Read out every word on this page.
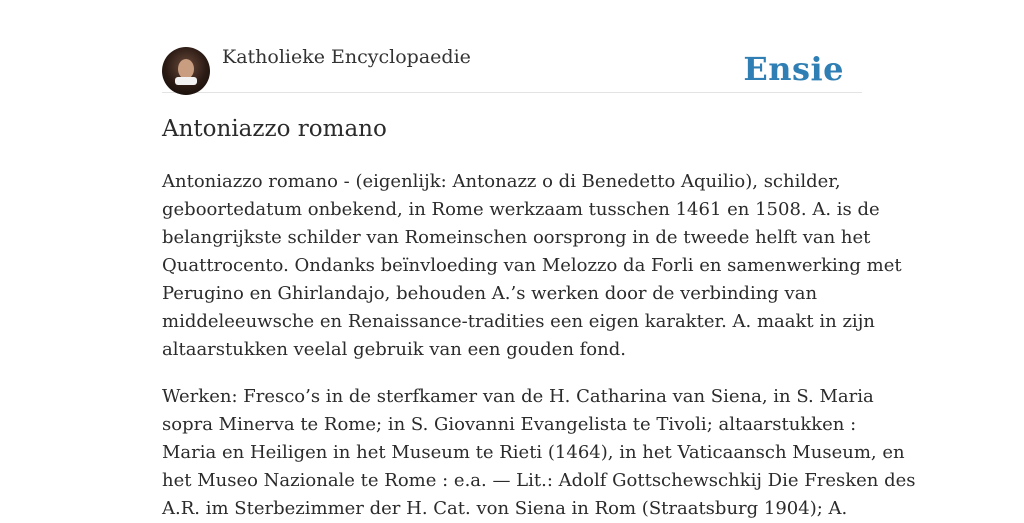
Katholieke Encyclopaedie	Ensie
Antoniazzo romano
Antoniazzo romano - (eigenlijk: Antonazz o di Benedetto Aquilio), schilder,
geboortedatum onbekend, in Rome werkzaam tusschen 1461 en 1508. A. is de
belangrijkste schilder van Romeinschen oorsprong in de tweede helft van het
Quattrocento. Ondanks beïnvloeding van Melozzo da Forli en samenwerking met
Perugino en Ghirlandajo, behouden A.’s werken door de verbinding van
middeleeuwsche en Renaissance-tradities een eigen karakter. A. maakt in zijn
altaarstukken veelal gebruik van een gouden fond.
Werken: Fresco’s in de sterfkamer van de H. Catharina van Siena, in S. Maria
sopra Minerva te Rome; in S. Giovanni Evangelista te Tivoli; altaarstukken :
Maria en Heiligen in het Museum te Rieti (1464), in het Vaticaansch Museum, en
het Museo Nazionale te Rome : e.a. — Lit.: Adolf Gottschewschkij Die Fresken des
A.R. im Sterbezimmer der H. Cat. von Siena in Rom (Straatsburg 1904); A.
